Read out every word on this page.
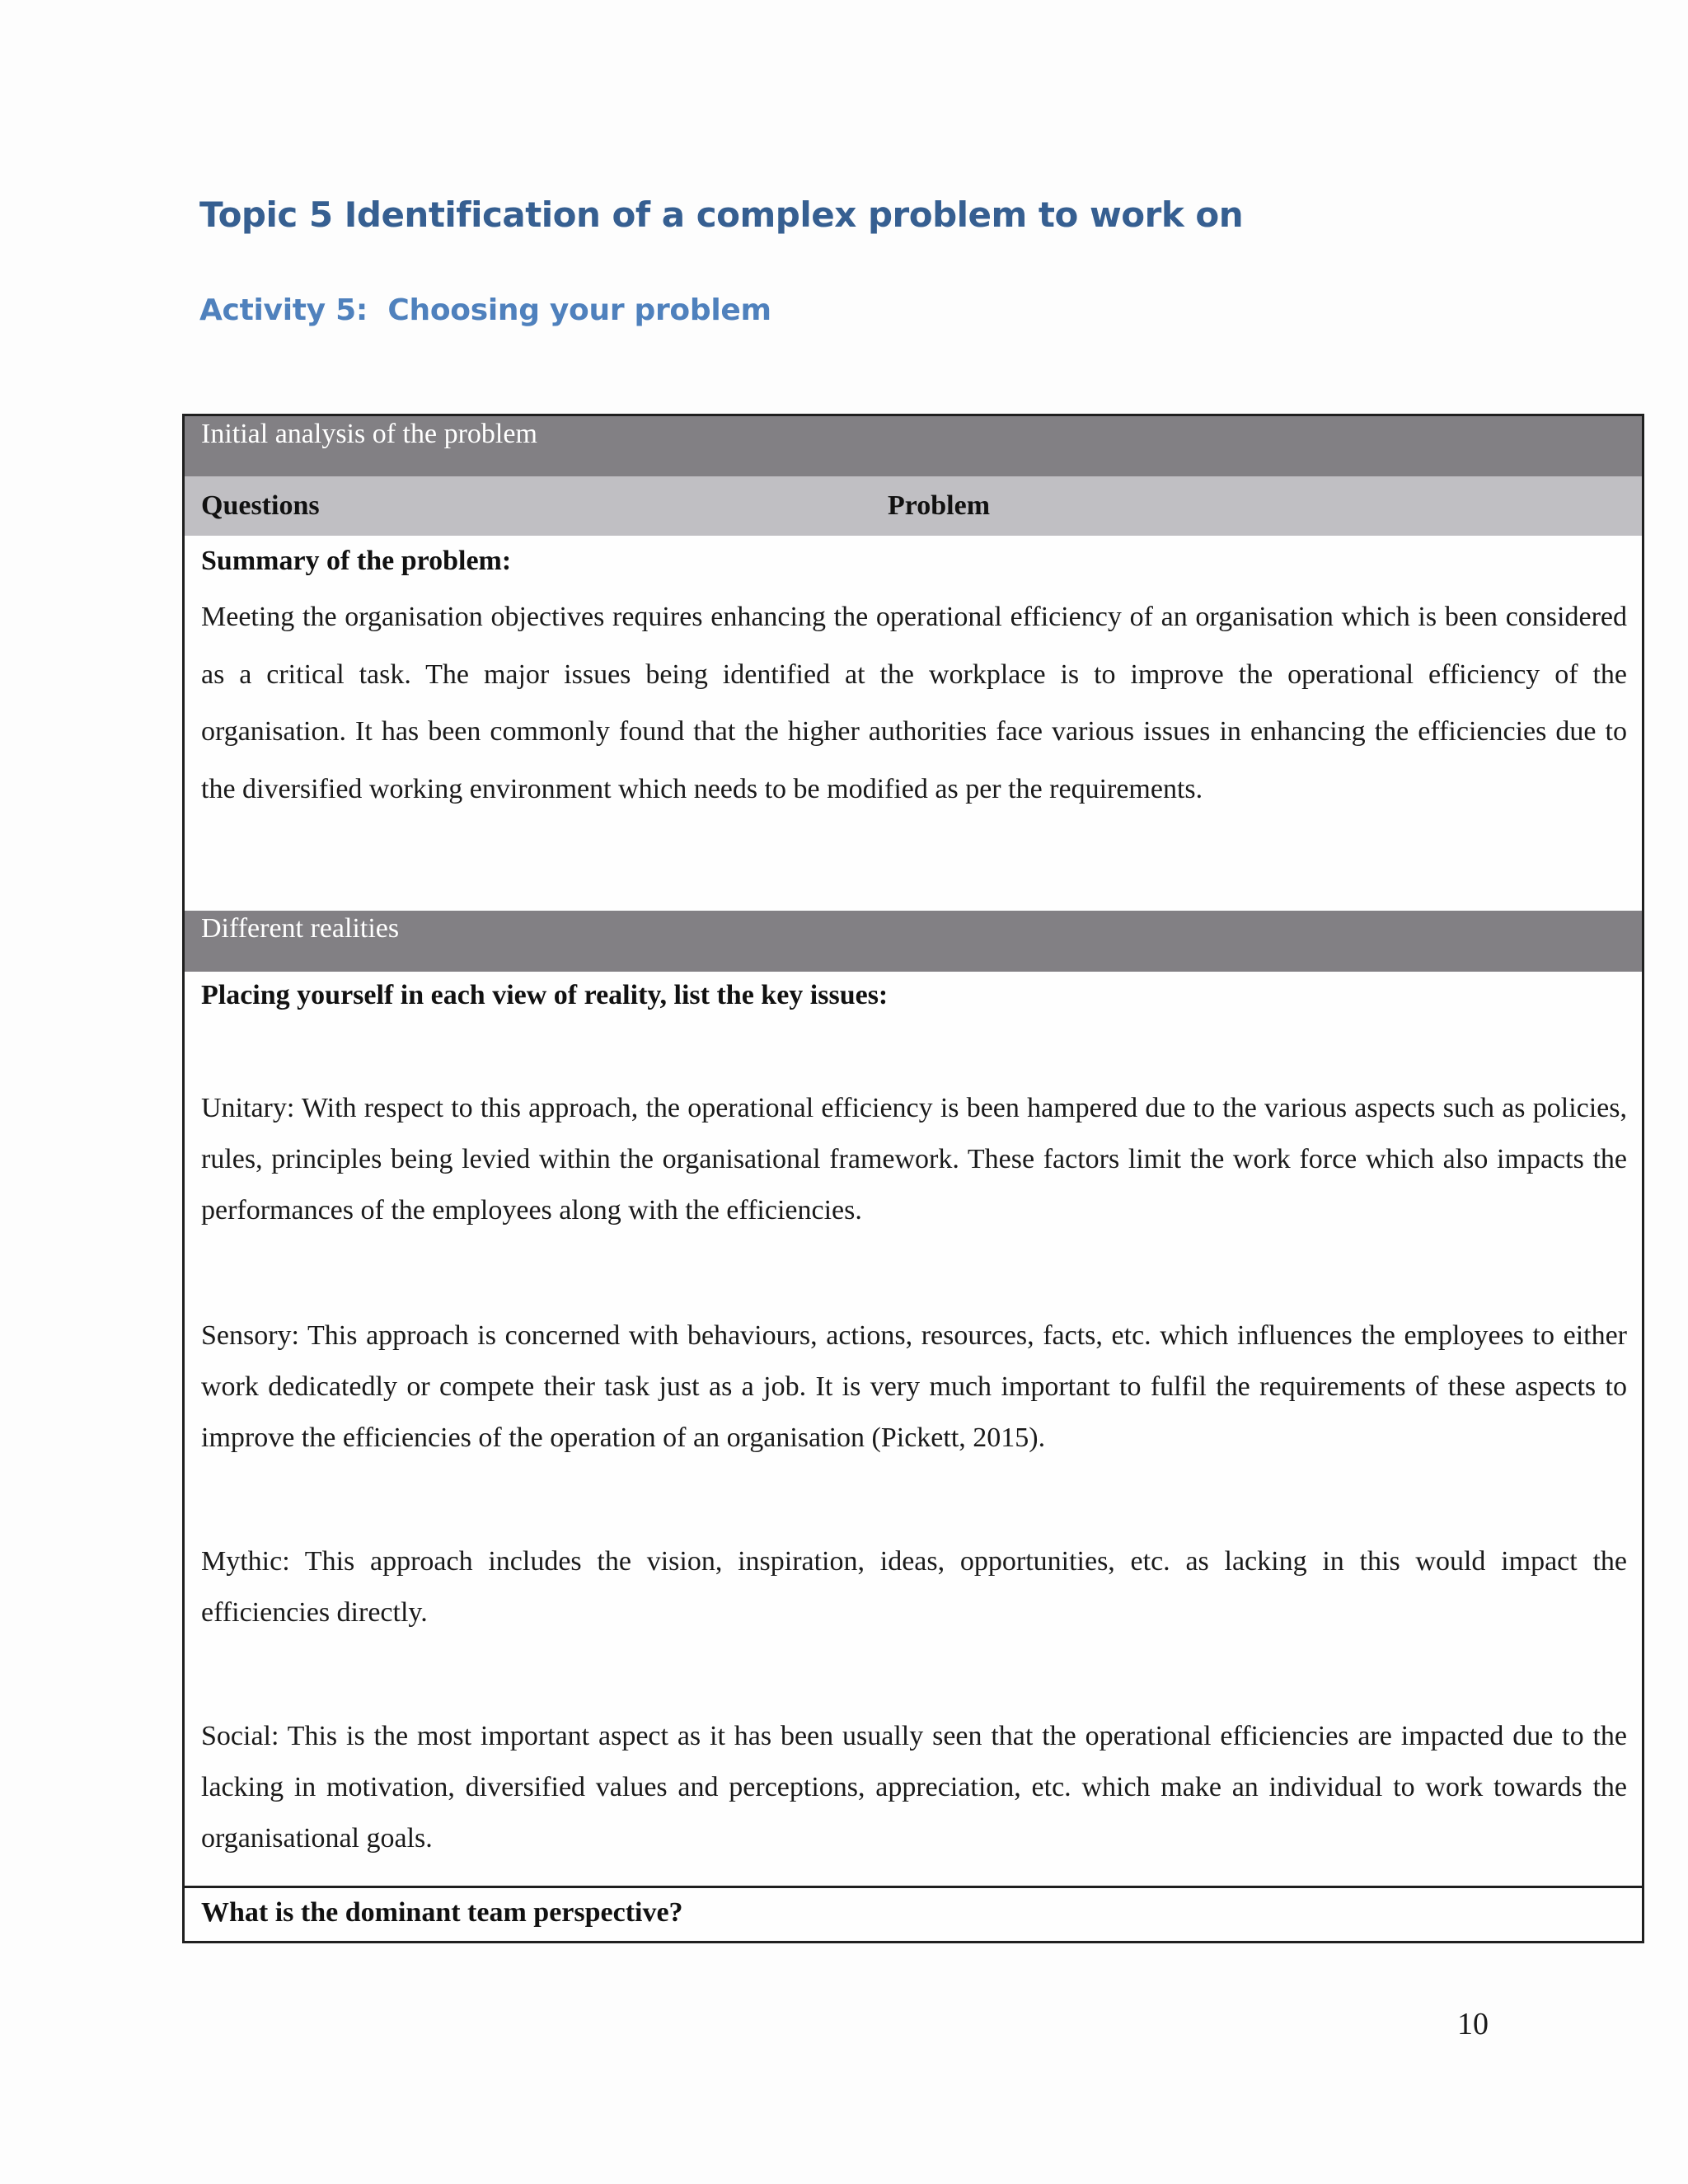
Topic 5 Identification of a complex problem to work on
Activity 5:  Choosing your problem
Initial analysis of the problem
Questions	Problem
Summary of the problem:

Meeting the organisation objectives requires enhancing the operational efficiency of an organisation which is been considered as a critical task. The major issues being identified at the workplace is to improve the operational efficiency of the organisation. It has been commonly found that the higher authorities face various issues in enhancing the efficiencies due to the diversified working environment which needs to be modified as per the requirements.

Different realities
Placing yourself in each view of reality, list the key issues:

Unitary: With respect to this approach, the operational efficiency is been hampered due to the various aspects such as policies, rules, principles being levied within the organisational framework. These factors limit the work force which also impacts the performances of the employees along with the efficiencies.

Sensory: This approach is concerned with behaviours, actions, resources, facts, etc. which influences the employees to either work dedicatedly or compete their task just as a job. It is very much important to fulfil the requirements of these aspects to improve the efficiencies of the operation of an organisation (Pickett, 2015).

Mythic: This approach includes the vision, inspiration, ideas, opportunities, etc. as lacking in this would impact the efficiencies directly.

Social: This is the most important aspect as it has been usually seen that the operational efficiencies are impacted due to the lacking in motivation, diversified values and perceptions, appreciation, etc. which make an individual to work towards the organisational goals.

What is the dominant team perspective?
10
